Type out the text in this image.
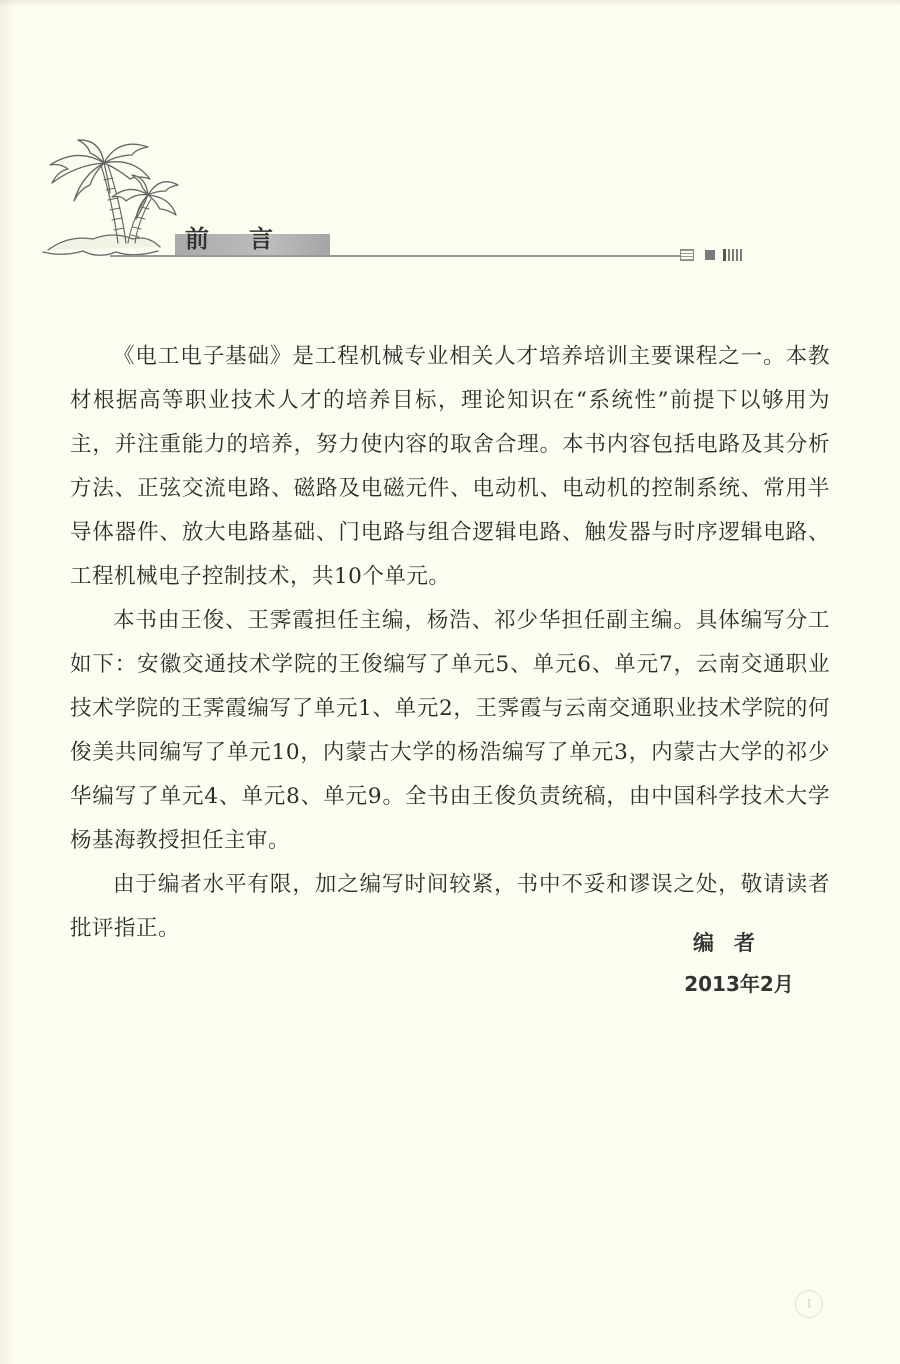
前言

《电工电子基础》是工程机械专业相关人才培养培训主要课程之一。本教材根据高等职业技术人才的培养目标，理论知识在“系统性”前提下以够用为主，并注重能力的培养，努力使内容的取舍合理。本书内容包括电路及其分析方法、正弦交流电路、磁路及电磁元件、电动机、电动机的控制系统、常用半导体器件、放大电路基础、门电路与组合逻辑电路、触发器与时序逻辑电路、工程机械电子控制技术，共10个单元。

本书由王俊、王霁霞担任主编，杨浩、祁少华担任副主编。具体编写分工如下：安徽交通技术学院的王俊编写了单元5、单元6、单元7，云南交通职业技术学院的王霁霞编写了单元1、单元2，王霁霞与云南交通职业技术学院的何俊美共同编写了单元10，内蒙古大学的杨浩编写了单元3，内蒙古大学的祁少华编写了单元4、单元8、单元9。全书由王俊负责统稿，由中国科学技术大学杨基海教授担任主审。

由于编者水平有限，加之编写时间较紧，书中不妥和谬误之处，敬请读者批评指正。

编者
2013年2月
Ⅰ
